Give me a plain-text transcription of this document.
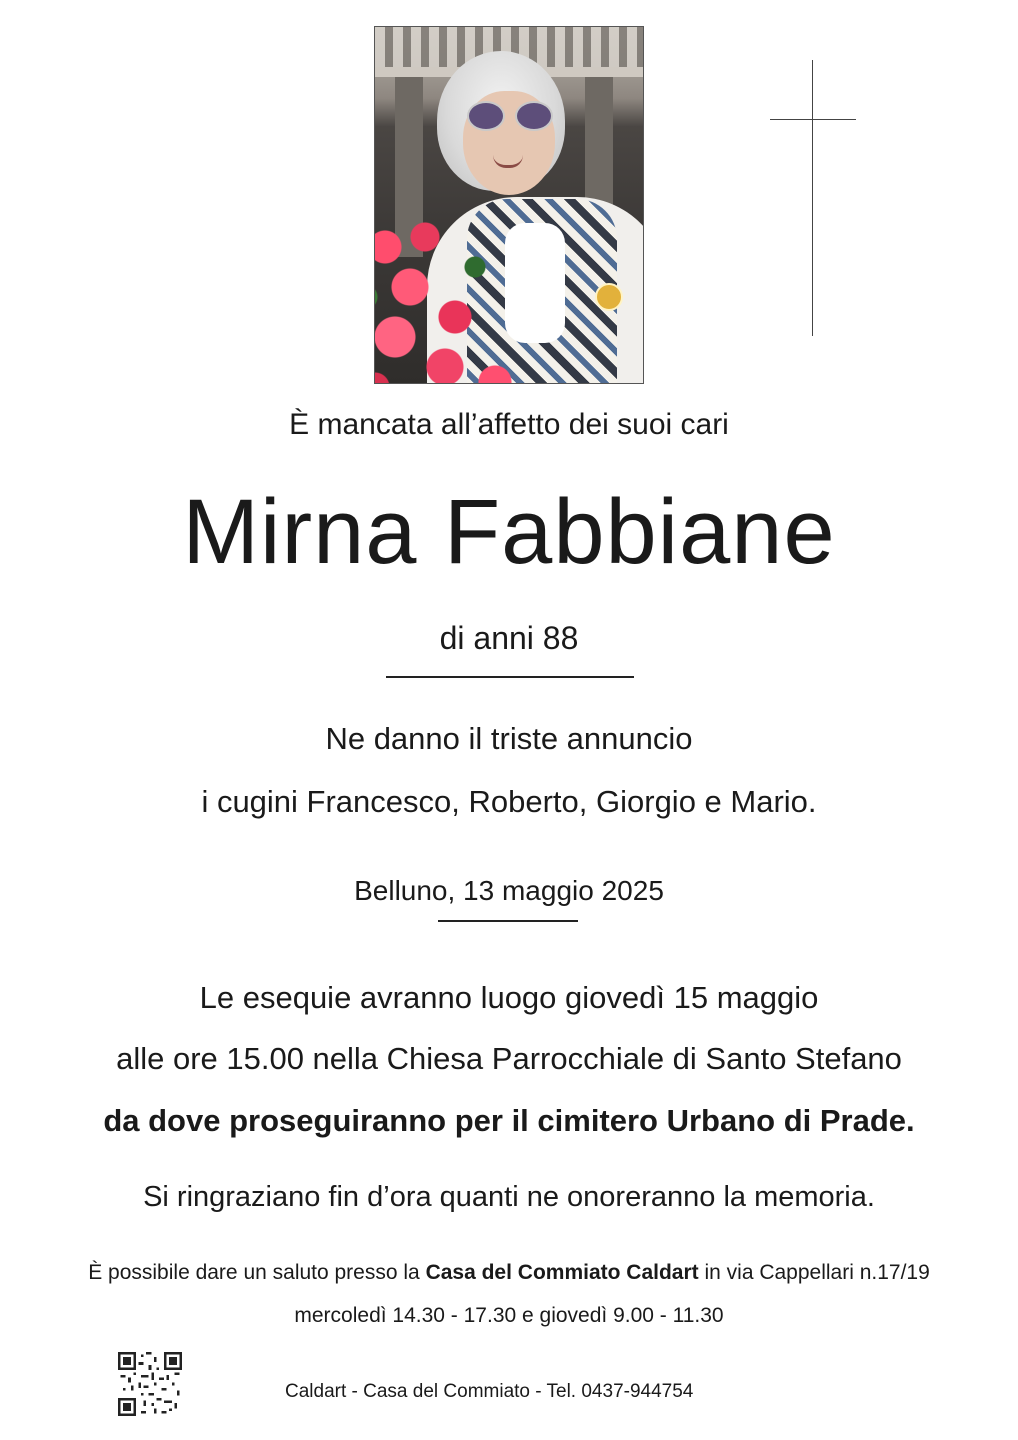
È mancata all’affetto dei suoi cari
Mirna Fabbiane
di anni 88
Ne danno il triste annuncio
i cugini Francesco, Roberto, Giorgio e Mario.
Belluno, 13 maggio 2025
Le esequie avranno luogo giovedì 15 maggio
alle ore 15.00 nella Chiesa Parrocchiale di Santo Stefano
da dove proseguiranno per il cimitero Urbano di Prade.
Si ringraziano fin d’ora quanti ne onoreranno la memoria.
È possibile dare un saluto presso la Casa del Commiato Caldart in via Cappellari n.17/19
mercoledì 14.30 - 17.30 e giovedì 9.00 - 11.30
Caldart - Casa del Commiato - Tel. 0437-944754
